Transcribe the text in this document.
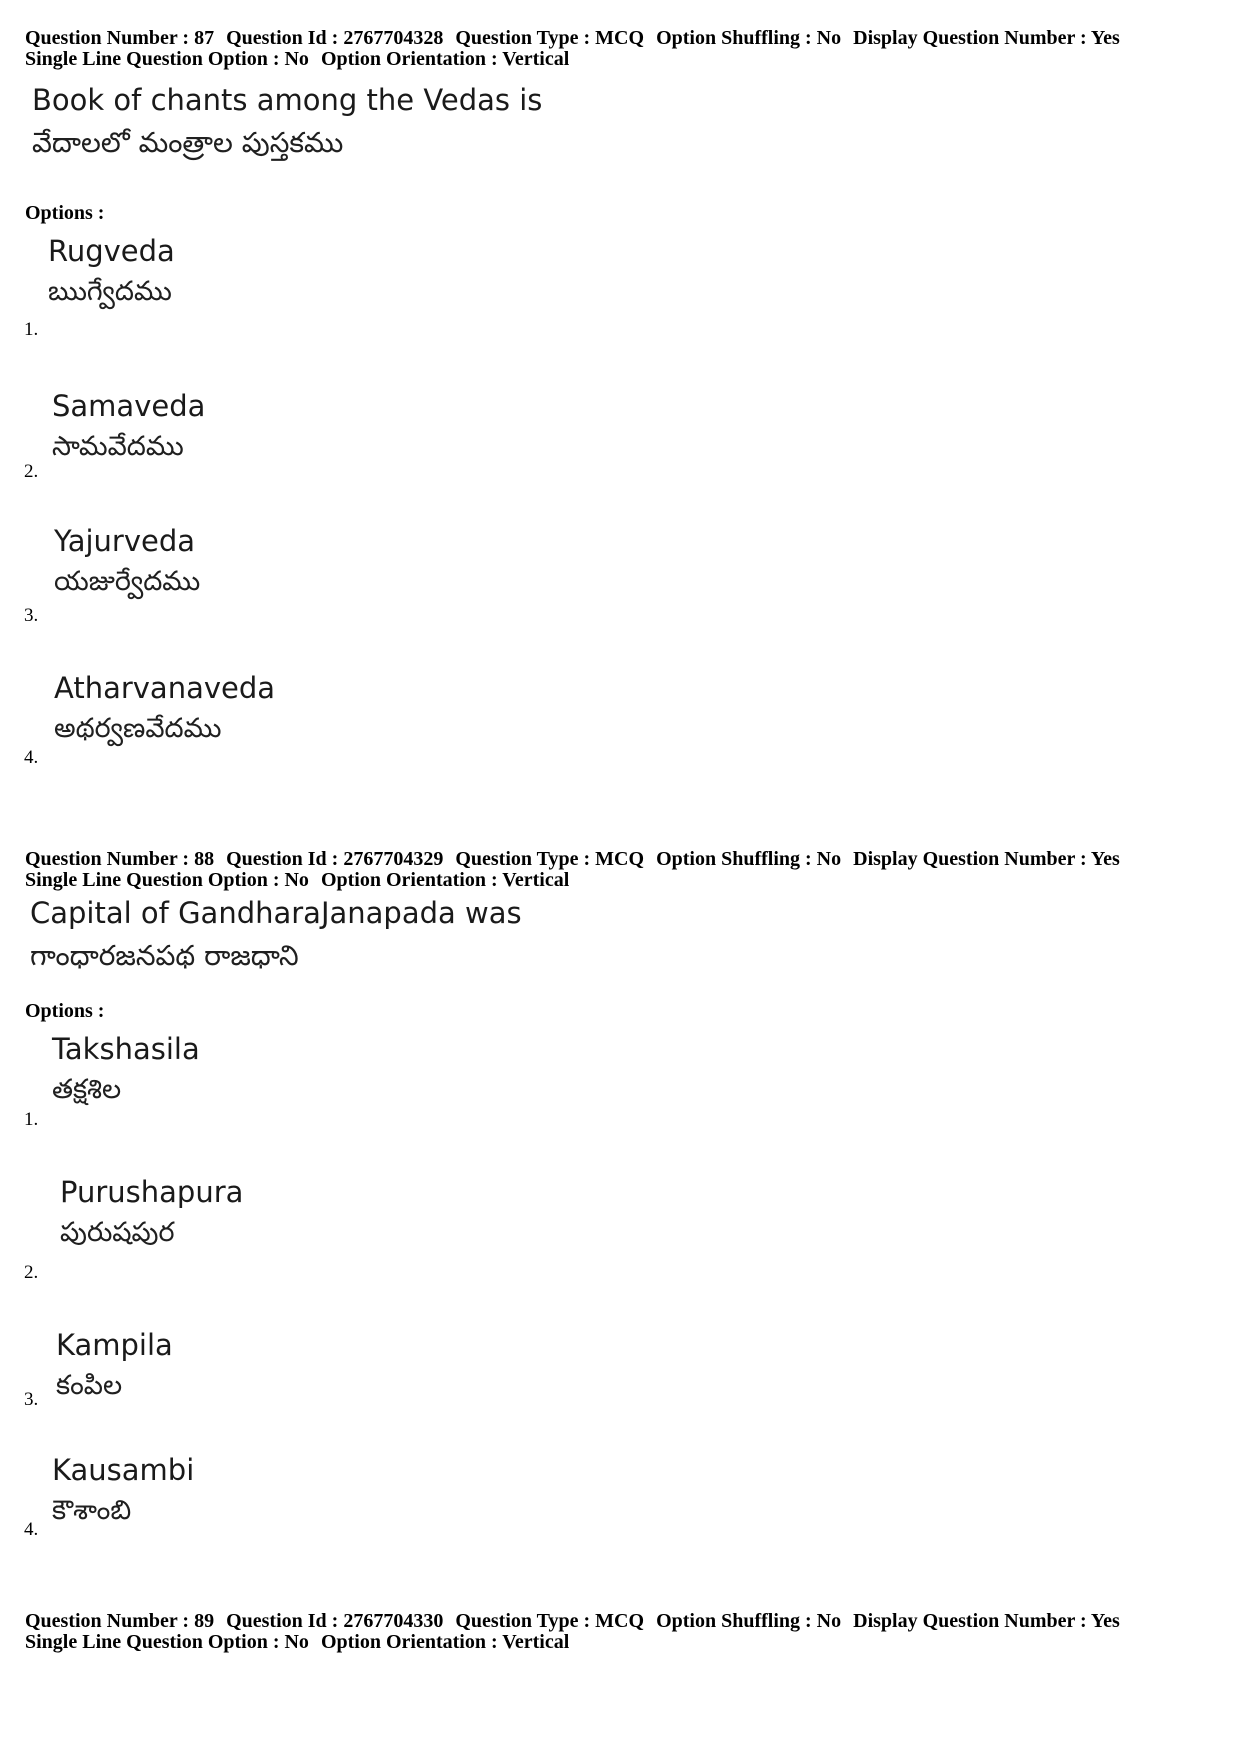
Question Number : 87 Question Id : 2767704328 Question Type : MCQ Option Shuffling : No Display Question Number : Yes
Single Line Question Option : No Option Orientation : Vertical
Book of chants among the Vedas is
వేదాలలో మంత్రాల పుస్తకము
Options :
Rugveda
ఋగ్వేదము
1.
Samaveda
సామవేదము
2.
Yajurveda
యజుర్వేదము
3.
Atharvanaveda
అథర్వణవేదము
4.
Question Number : 88 Question Id : 2767704329 Question Type : MCQ Option Shuffling : No Display Question Number : Yes
Single Line Question Option : No Option Orientation : Vertical
Capital of GandharaJanapada was
గాంధారజనపథ రాజధాని
Options :
Takshasila
తక్షశిల
1.
Purushapura
పురుషపుర
2.
Kampila
కంపిల
3.
Kausambi
కౌశాంబి
4.
Question Number : 89 Question Id : 2767704330 Question Type : MCQ Option Shuffling : No Display Question Number : Yes
Single Line Question Option : No Option Orientation : Vertical
